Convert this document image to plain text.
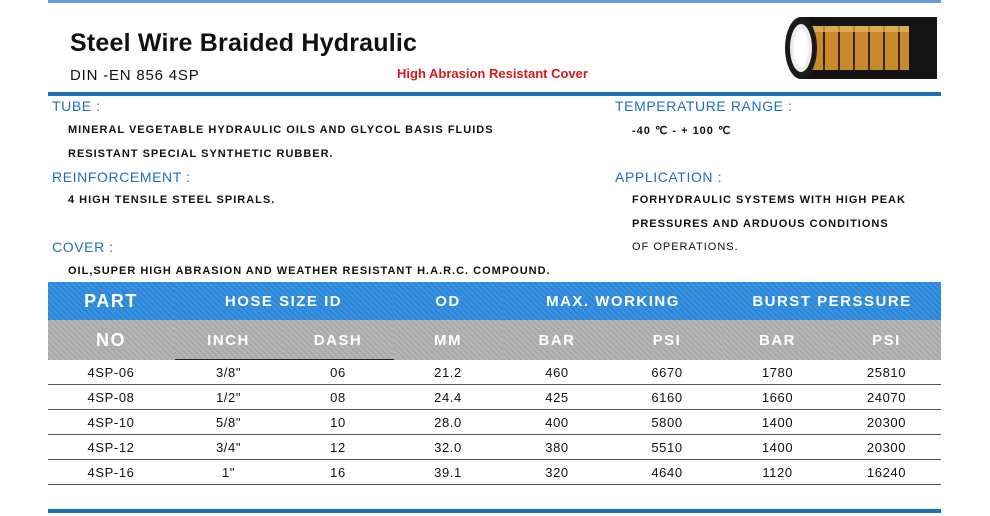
Steel Wire Braided Hydraulic
DIN -EN 856 4SP	High Abrasion Resistant Cover
TUBE :
MINERAL VEGETABLE HYDRAULIC OILS AND GLYCOL BASIS FLUIDS
RESISTANT SPECIAL SYNTHETIC RUBBER.
REINFORCEMENT :
4 HIGH TENSILE STEEL SPIRALS.
COVER :
OIL,SUPER HIGH ABRASION AND WEATHER RESISTANT H.A.R.C. COMPOUND.
TEMPERATURE RANGE :
-40 ℃ - + 100 ℃
APPLICATION :
FORHYDRAULIC SYSTEMS WITH HIGH PEAK
PRESSURES AND ARDUOUS CONDITIONS
OF OPERATIONS.
PART	HOSE SIZE ID		OD	MAX. WORKING		BURST PERSSURE	
NO	INCH	DASH	MM	BAR	PSI	BAR	PSI
4SP-06	3/8"	06	21.2	460	6670	1780	25810
4SP-08	1/2"	08	24.4	425	6160	1660	24070
4SP-10	5/8"	10	28.0	400	5800	1400	20300
4SP-12	3/4"	12	32.0	380	5510	1400	20300
4SP-16	1"	16	39.1	320	4640	1120	16240
